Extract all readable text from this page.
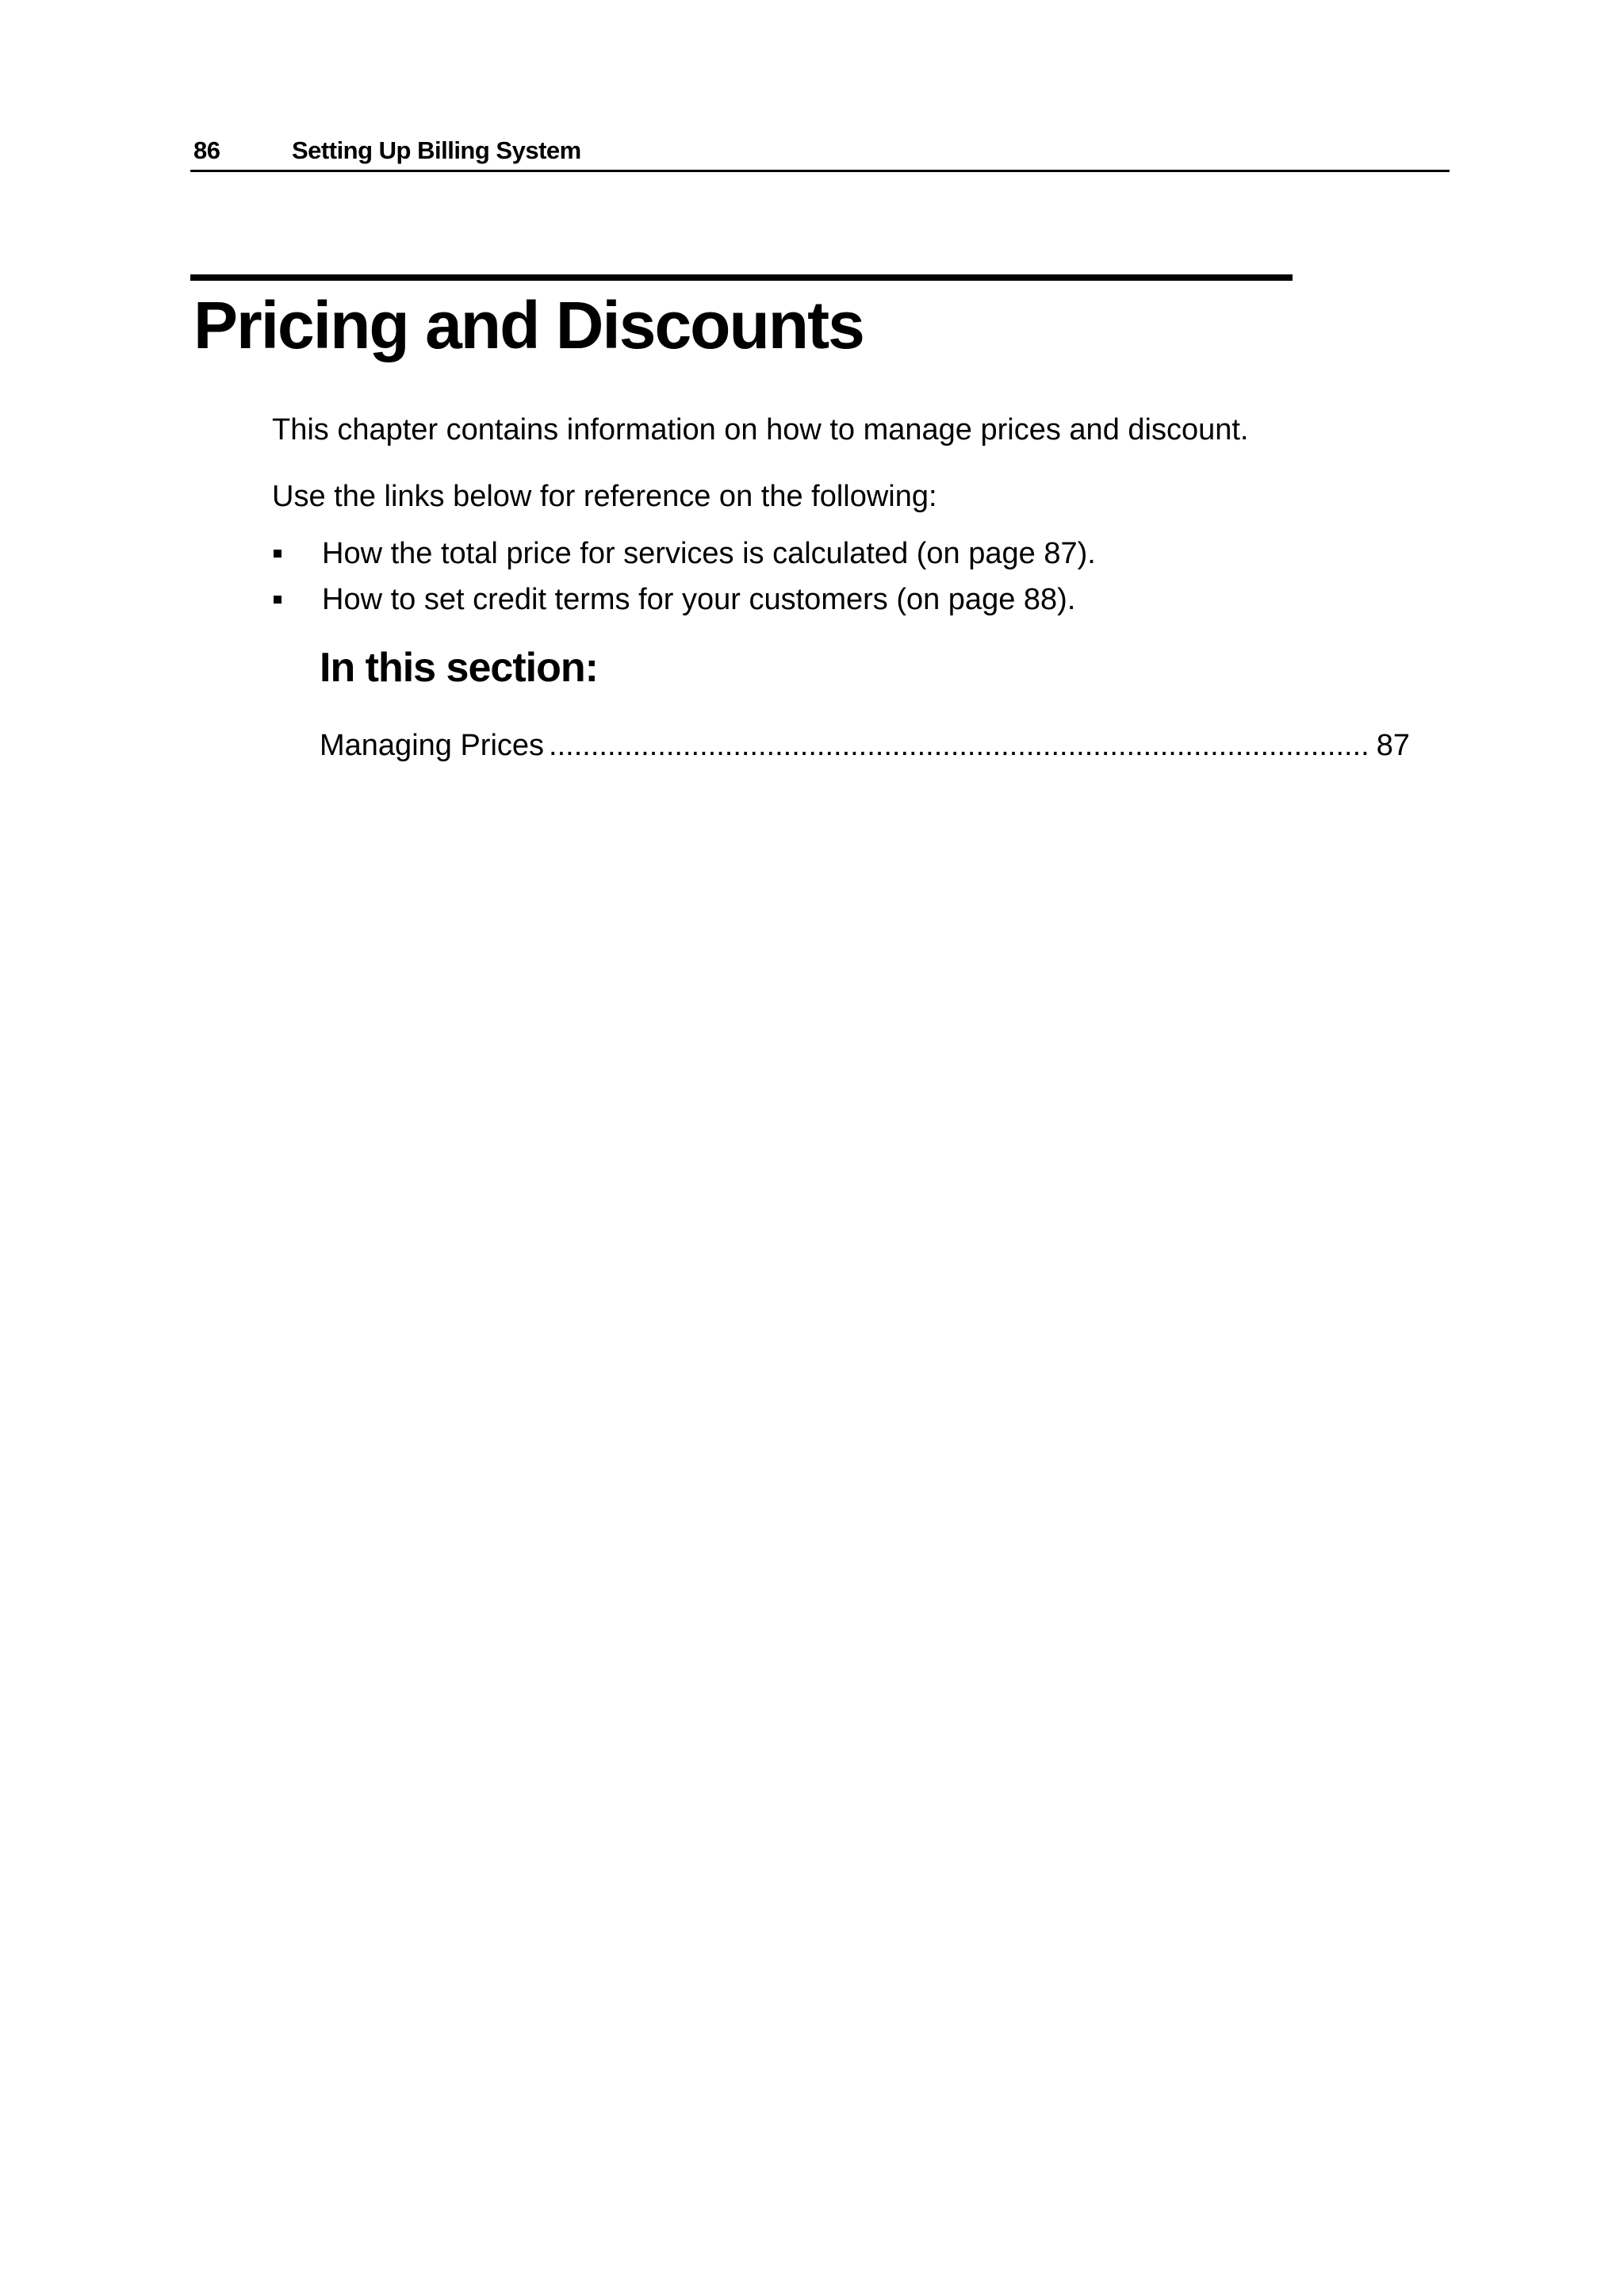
86	Setting Up Billing System
Pricing and Discounts

This chapter contains information on how to manage prices and discount.

Use the links below for reference on the following:

How the total price for services is calculated (on page 87).
How to set credit terms for your customers (on page 88).
In this section:
Managing Prices
.....	87
